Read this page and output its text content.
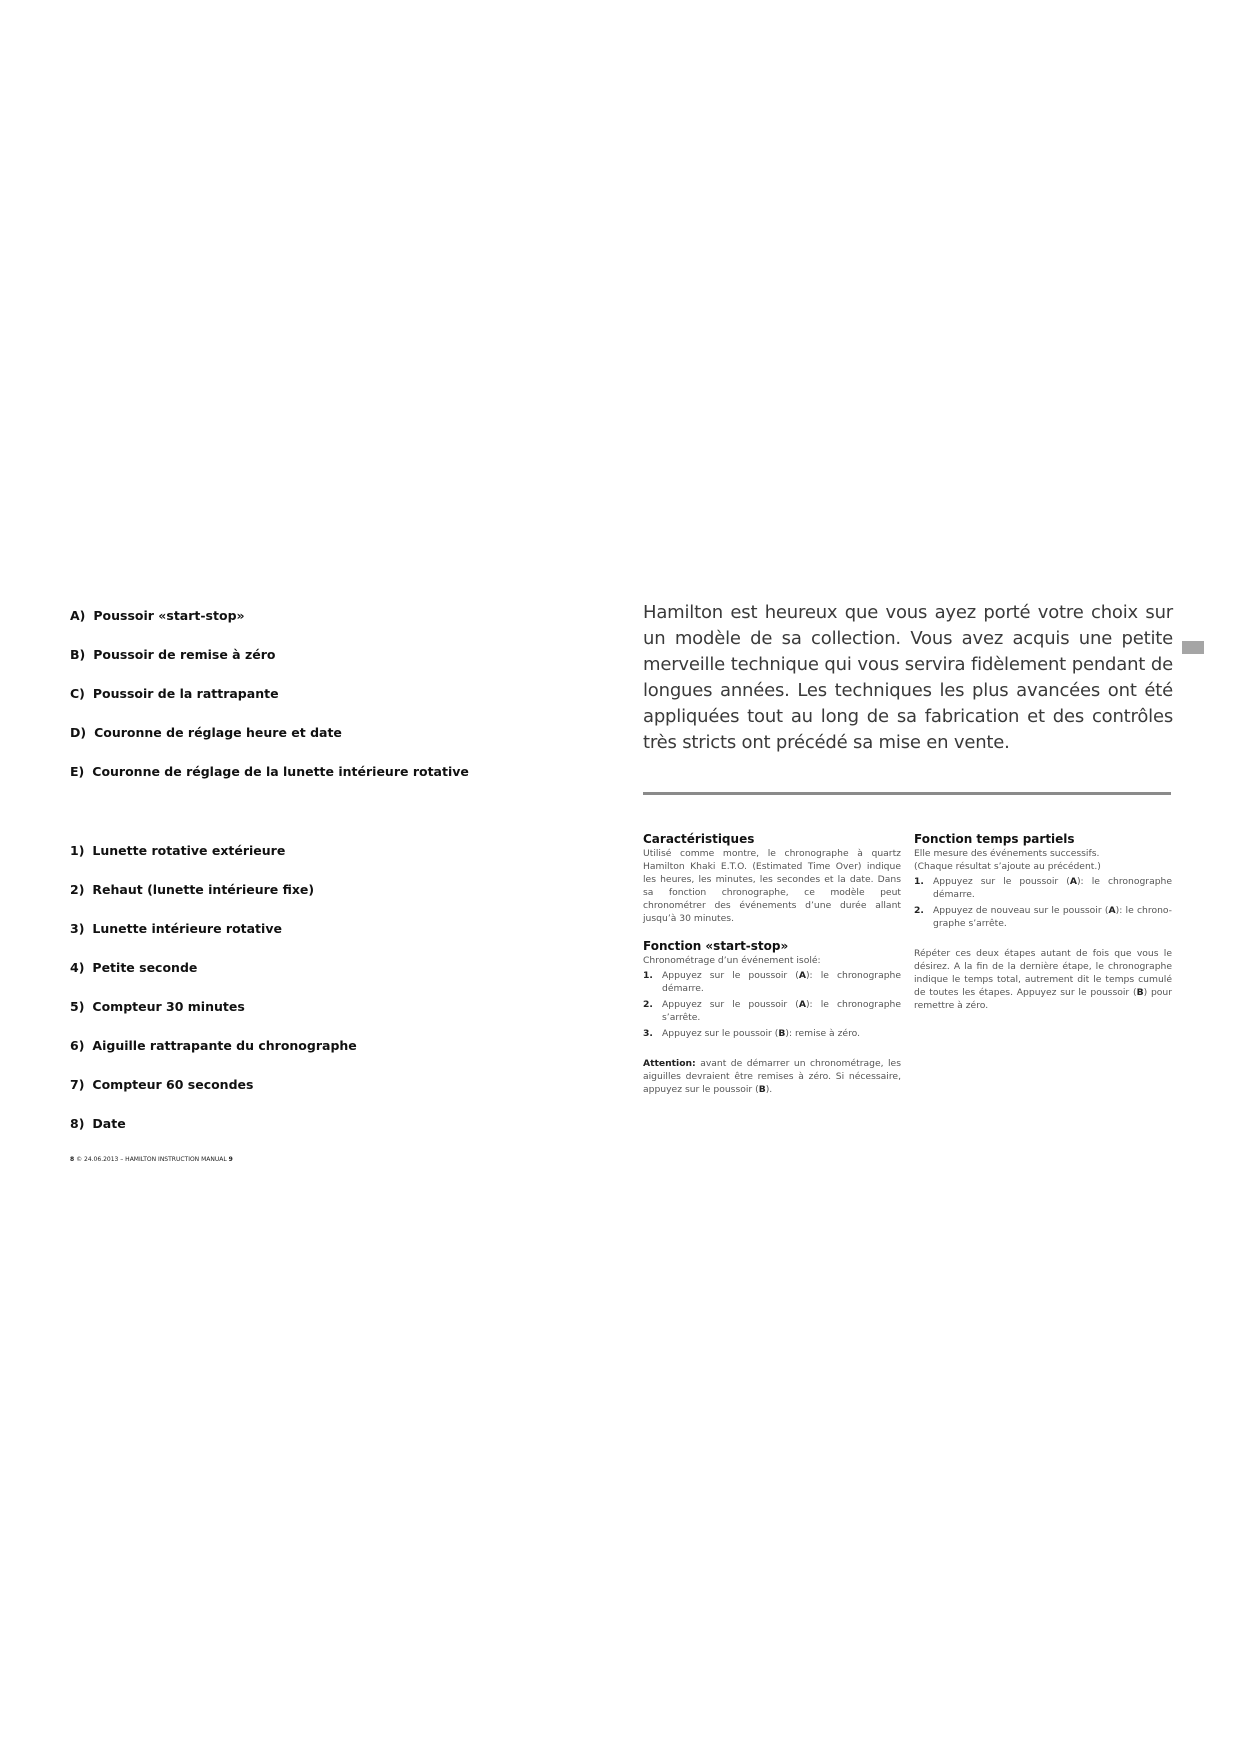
A) Poussoir «start-stop»
B) Poussoir de remise à zéro
C) Poussoir de la rattrapante
D) Couronne de réglage heure et date
E) Couronne de réglage de la lunette intérieure rotative
1) Lunette rotative extérieure
2) Rehaut (lunette intérieure fixe)
3) Lunette intérieure rotative
4) Petite seconde
5) Compteur 30 minutes
6) Aiguille rattrapante du chronographe
7) Compteur 60 secondes
8) Date
8 © 24.06.2013 – HAMILTON INSTRUCTION MANUAL 9
Hamilton est heureux que vous ayez porté votre choix sur un modèle de sa collection. Vous avez acquis une petite merveille technique qui vous servira fidèlement pendant de longues années. Les techniques les plus avancées ont été appliquées tout au long de sa fabrication et des contrôles très stricts ont précédé sa mise en vente.
Caractéristiques

Utilisé comme montre, le chronographe à quartz Hamilton Khaki E.T.O. (Estimated Time Over) indique les heures, les minutes, les secondes et la date. Dans sa fonction chronographe, ce modèle peut chronométrer des événements d’une durée allant jusqu’à 30 minutes.

Fonction «start-stop»

Chronométrage d’un événement isolé:

1. Appuyez sur le poussoir (A): le chronographe démarre.
2. Appuyez sur le poussoir (A): le chronographe s’arrête.
3. Appuyez sur le poussoir (B): remise à zéro.

Attention: avant de démarrer un chronométrage, les aiguilles devraient être remises à zéro. Si nécessaire, appuyez sur le poussoir (B).

Fonction temps partiels

Elle mesure des événements successifs.

(Chaque résultat s’ajoute au précédent.)

1. Appuyez sur le poussoir (A): le chronographe démarre.
2. Appuyez de nouveau sur le poussoir (A): le chrono-graphe s’arrête.

Répéter ces deux étapes autant de fois que vous le désirez. A la fin de la dernière étape, le chronographe indique le temps total, autrement dit le temps cumulé de toutes les étapes. Appuyez sur le poussoir (B) pour remettre à zéro.
